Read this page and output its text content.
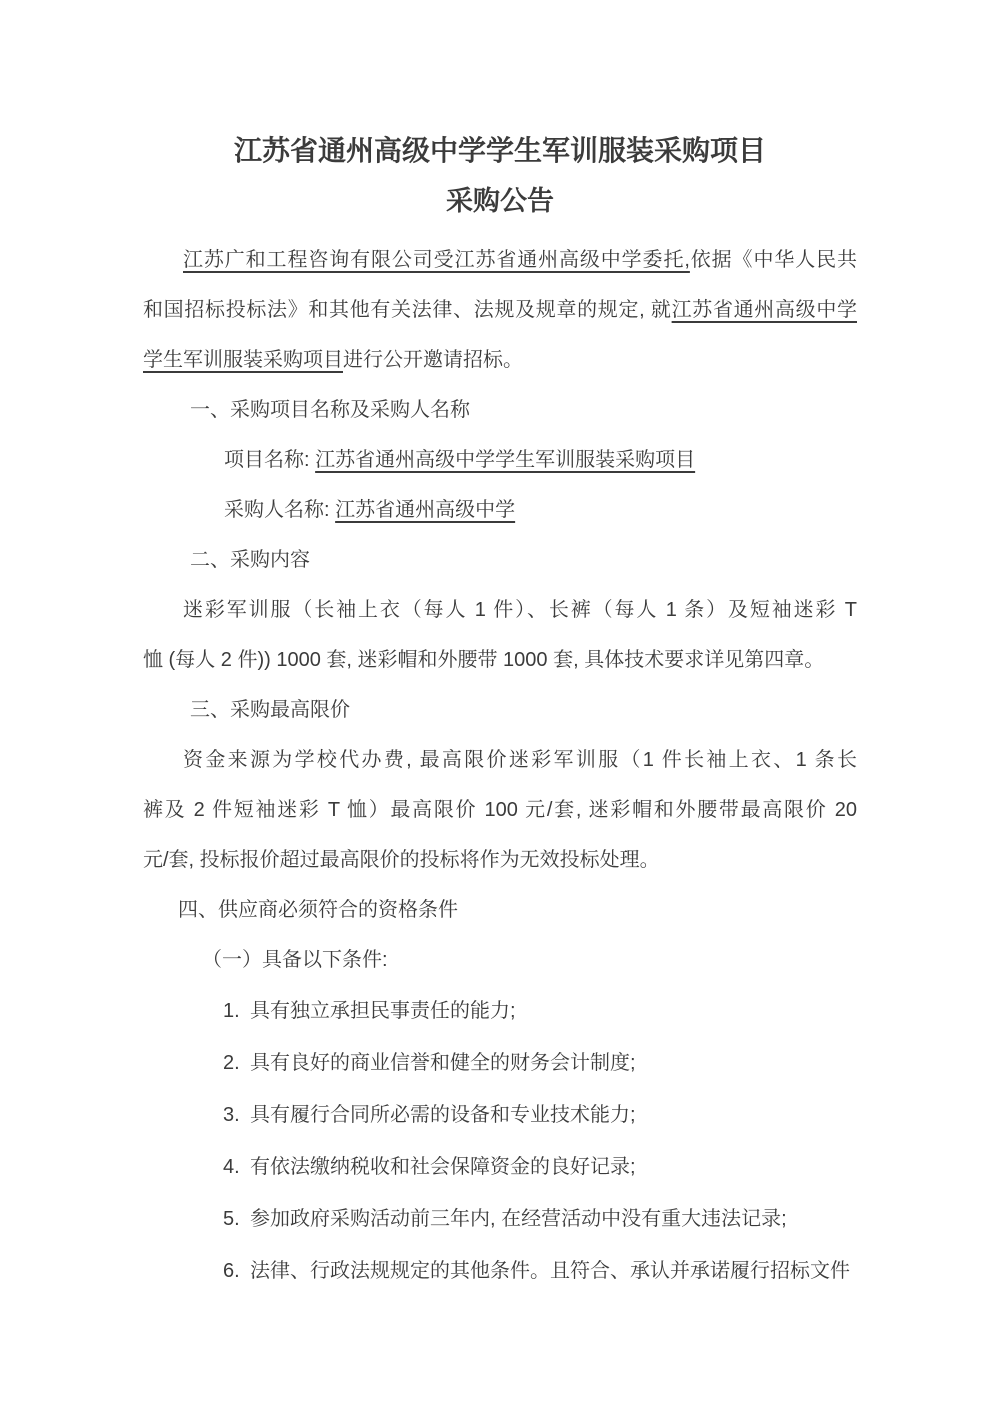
江苏省通州高级中学学生军训服装采购项目
采购公告
江苏广和工程咨询有限公司受江苏省通州高级中学委托,依据《中华人民共
和国招标投标法》和其他有关法律、法规及规章的规定, 就江苏省通州高级中学
学生军训服装采购项目进行公开邀请招标。
一、采购项目名称及采购人名称
项目名称: 江苏省通州高级中学学生军训服装采购项目
采购人名称: 江苏省通州高级中学
二、采购内容
迷彩军训服（长袖上衣（每人 1 件）、长裤（每人 1 条）及短袖迷彩 T
恤 (每人 2 件)) 1000 套, 迷彩帽和外腰带 1000 套, 具体技术要求详见第四章。
三、采购最高限价
资金来源为学校代办费, 最高限价迷彩军训服（1 件长袖上衣、1 条长
裤及 2 件短袖迷彩 T 恤）最高限价 100 元/套, 迷彩帽和外腰带最高限价 20
元/套, 投标报价超过最高限价的投标将作为无效投标处理。
四、供应商必须符合的资格条件
（一）具备以下条件:
1. 具有独立承担民事责任的能力;
2. 具有良好的商业信誉和健全的财务会计制度;
3. 具有履行合同所必需的设备和专业技术能力;
4. 有依法缴纳税收和社会保障资金的良好记录;
5. 参加政府采购活动前三年内, 在经营活动中没有重大违法记录;
6. 法律、行政法规规定的其他条件。且符合、承认并承诺履行招标文件
